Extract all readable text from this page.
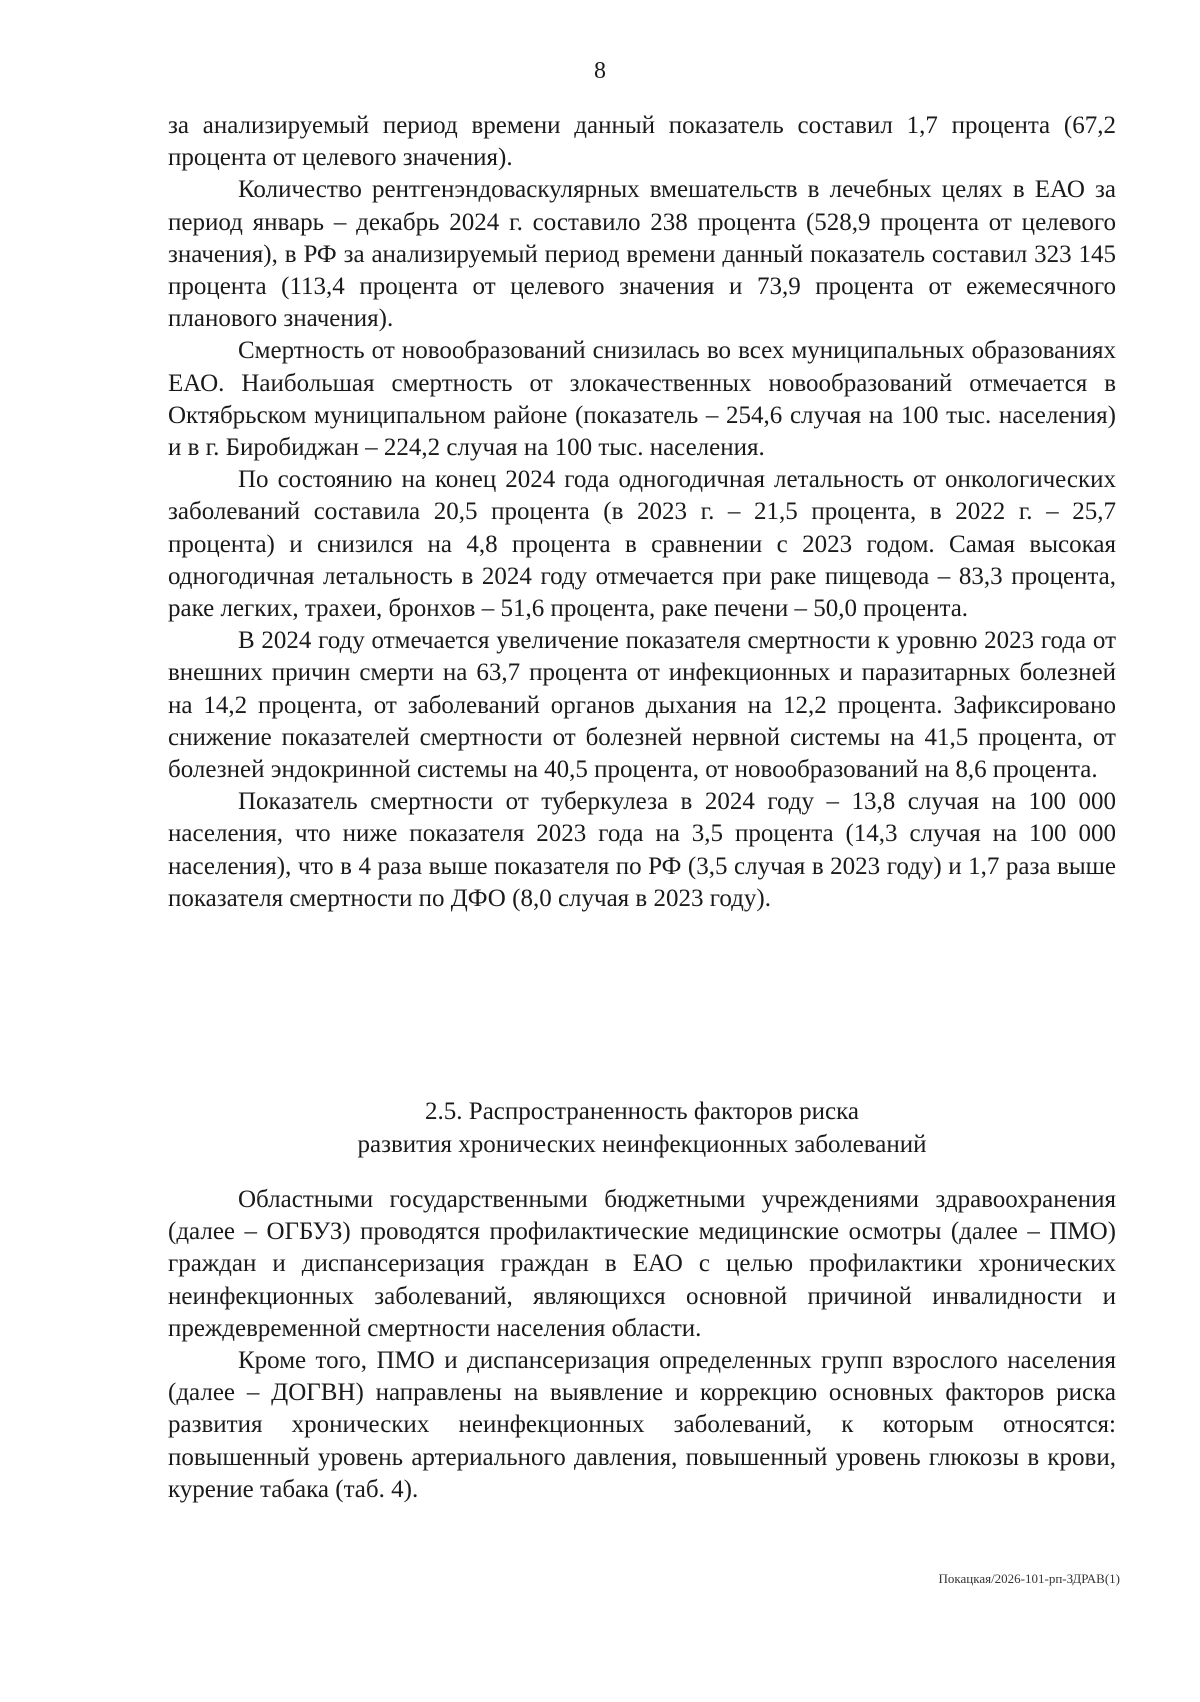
8

за анализируемый период времени данный показатель составил 1,7 процента (67,2 процента от целевого значения).

Количество рентгенэндоваскулярных вмешательств в лечебных целях в ЕАО за период январь – декабрь 2024 г. составило 238 процента (528,9 процента от целевого значения), в РФ за анализируемый период времени данный показатель составил 323 145 процента (113,4 процента от целевого значения и 73,9 процента от ежемесячного планового значения).

Смертность от новообразований снизилась во всех муниципальных образованиях ЕАО. Наибольшая смертность от злокачественных новообразований отмечается в Октябрьском муниципальном районе (показатель – 254,6 случая на 100 тыс. населения) и в г. Биробиджан – 224,2 случая на 100 тыс. населения.

По состоянию на конец 2024 года одногодичная летальность от онкологических заболеваний составила 20,5 процента (в 2023 г. – 21,5 процента, в 2022 г. – 25,7 процента) и снизился на 4,8 процента в сравнении с 2023 годом. Самая высокая одногодичная летальность в 2024 году отмечается при раке пищевода – 83,3 процента, раке легких, трахеи, бронхов – 51,6 процента, раке печени – 50,0 процента.

В 2024 году отмечается увеличение показателя смертности к уровню 2023 года от внешних причин смерти на 63,7 процента от инфекционных и паразитарных болезней на 14,2 процента, от заболеваний органов дыхания на 12,2 процента. Зафиксировано снижение показателей смертности от болезней нервной системы на 41,5 процента, от болезней эндокринной системы на 40,5 процента, от новообразований на 8,6 процента.

Показатель смертности от туберкулеза в 2024 году – 13,8 случая на 100 000 населения, что ниже показателя 2023 года на 3,5 процента (14,3 случая на 100 000 населения), что в 4 раза выше показателя по РФ (3,5 случая в 2023 году) и 1,7 раза выше показателя смертности по ДФО (8,0 случая в 2023 году).

2.5. Распространенность факторов риска
развития хронических неинфекционных заболеваний

Областными государственными бюджетными учреждениями здравоохранения (далее – ОГБУЗ) проводятся профилактические медицинские осмотры (далее – ПМО) граждан и диспансеризация граждан в ЕАО с целью профилактики хронических неинфекционных заболеваний, являющихся основной причиной инвалидности и преждевременной смертности населения области.

Кроме того, ПМО и диспансеризация определенных групп взрослого населения (далее – ДОГВН) направлены на выявление и коррекцию основных факторов риска развития хронических неинфекционных заболеваний, к которым относятся: повышенный уровень артериального давления, повышенный уровень глюкозы в крови, курение табака (таб. 4).

Покацкая/2026-101-рп-ЗДРАВ(1)
